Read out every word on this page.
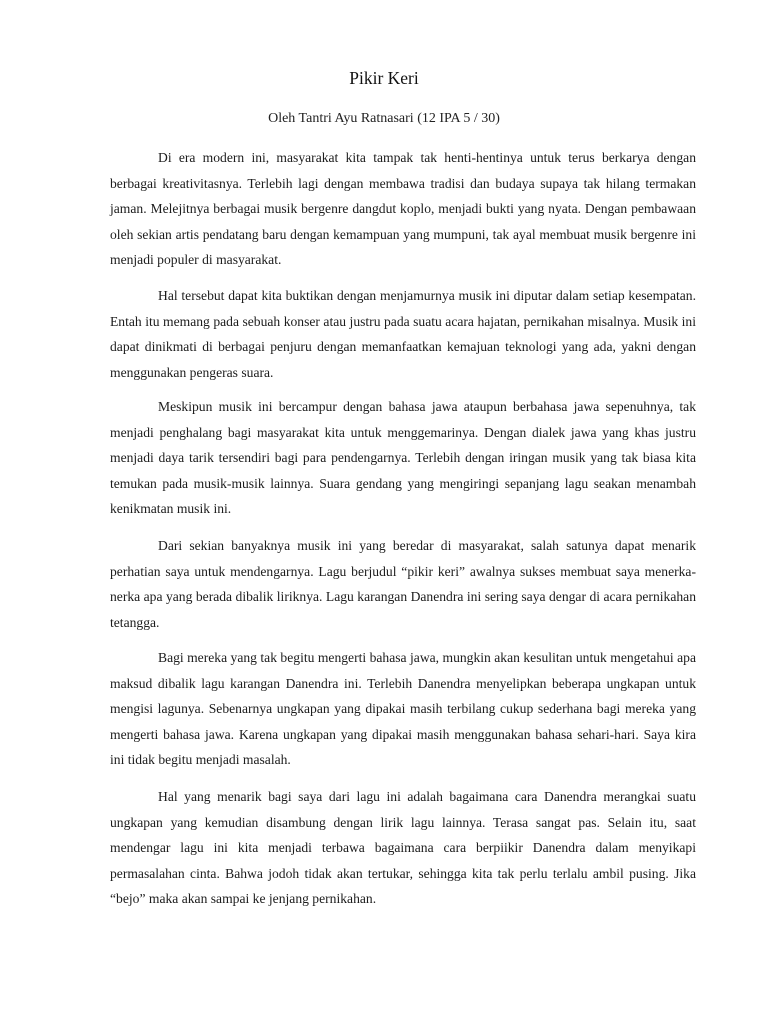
Pikir Keri
Oleh Tantri Ayu Ratnasari (12 IPA 5 / 30)

Di era modern ini, masyarakat kita tampak tak henti-hentinya untuk terus berkarya dengan berbagai kreativitasnya. Terlebih lagi dengan membawa tradisi dan budaya supaya tak hilang termakan jaman. Melejitnya berbagai musik bergenre dangdut koplo, menjadi bukti yang nyata. Dengan pembawaan oleh sekian artis pendatang baru dengan kemampuan yang mumpuni, tak ayal membuat musik bergenre ini menjadi populer di masyarakat.

Hal tersebut dapat kita buktikan dengan menjamurnya musik ini diputar dalam setiap kesempatan. Entah itu memang pada sebuah konser atau justru pada suatu acara hajatan, pernikahan misalnya. Musik ini dapat dinikmati di berbagai penjuru dengan memanfaatkan kemajuan teknologi yang ada, yakni dengan menggunakan pengeras suara.

Meskipun musik ini bercampur dengan bahasa jawa ataupun berbahasa jawa sepenuhnya, tak menjadi penghalang bagi masyarakat kita untuk menggemarinya. Dengan dialek jawa yang khas justru menjadi daya tarik tersendiri bagi para pendengarnya. Terlebih dengan iringan musik yang tak biasa kita temukan pada musik-musik lainnya. Suara gendang yang mengiringi sepanjang lagu seakan menambah kenikmatan musik ini.

Dari sekian banyaknya musik ini yang beredar di masyarakat, salah satunya dapat menarik perhatian saya untuk mendengarnya. Lagu berjudul “pikir keri” awalnya sukses membuat saya menerka-nerka apa yang berada dibalik liriknya. Lagu karangan Danendra ini sering saya dengar di acara pernikahan tetangga.

Bagi mereka yang tak begitu mengerti bahasa jawa, mungkin akan kesulitan untuk mengetahui apa maksud dibalik lagu karangan Danendra ini. Terlebih Danendra menyelipkan beberapa ungkapan untuk mengisi lagunya. Sebenarnya ungkapan yang dipakai masih terbilang cukup sederhana bagi mereka yang mengerti bahasa jawa. Karena ungkapan yang dipakai masih menggunakan bahasa sehari-hari. Saya kira ini tidak begitu menjadi masalah.

Hal yang menarik bagi saya dari lagu ini adalah bagaimana cara Danendra merangkai suatu ungkapan yang kemudian disambung dengan lirik lagu lainnya. Terasa sangat pas. Selain itu, saat mendengar lagu ini kita menjadi terbawa bagaimana cara berpiikir Danendra dalam menyikapi permasalahan cinta. Bahwa jodoh tidak akan tertukar, sehingga kita tak perlu terlalu ambil pusing. Jika “bejo” maka akan sampai ke jenjang pernikahan.
